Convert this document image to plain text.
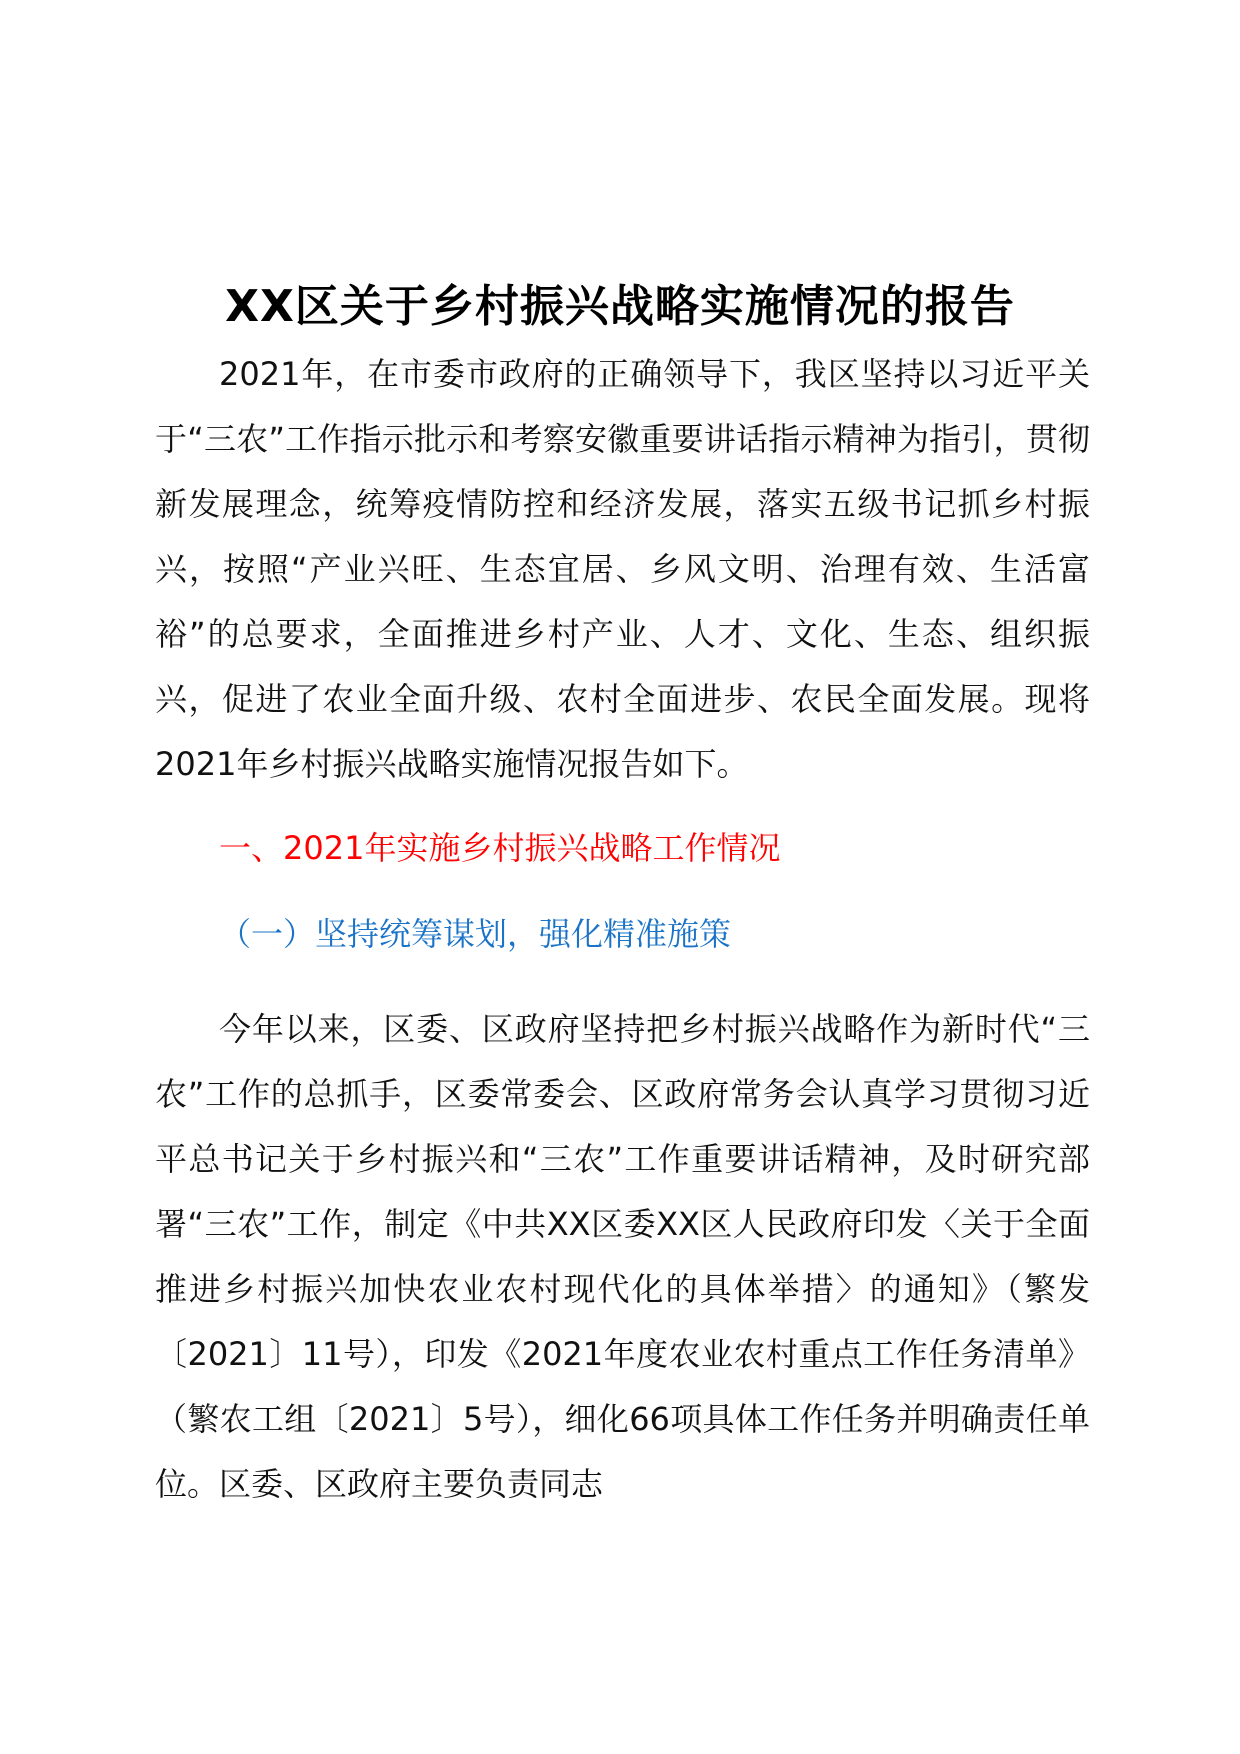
XX区关于乡村振兴战略实施情况的报告

2021年，在市委市政府的正确领导下，我区坚持以习近平关于“三农”工作指示批示和考察安徽重要讲话指示精神为指引，贯彻新发展理念，统筹疫情防控和经济发展，落实五级书记抓乡村振兴，按照“产业兴旺、生态宜居、乡风文明、治理有效、生活富裕”的总要求，全面推进乡村产业、人才、文化、生态、组织振兴，促进了农业全面升级、农村全面进步、农民全面发展。现将2021年乡村振兴战略实施情况报告如下。

一、2021年实施乡村振兴战略工作情况

（一）坚持统筹谋划，强化精准施策

今年以来，区委、区政府坚持把乡村振兴战略作为新时代“三农”工作的总抓手，区委常委会、区政府常务会认真学习贯彻习近平总书记关于乡村振兴和“三农”工作重要讲话精神，及时研究部署“三农”工作，制定《中共XX区委XX区人民政府印发〈关于全面推进乡村振兴加快农业农村现代化的具体举措〉的通知》（繁发〔2021〕11号），印发《2021年度农业农村重点工作任务清单》（繁农工组〔2021〕5号），细化66项具体工作任务并明确责任单位。区委、区政府主要负责同志
